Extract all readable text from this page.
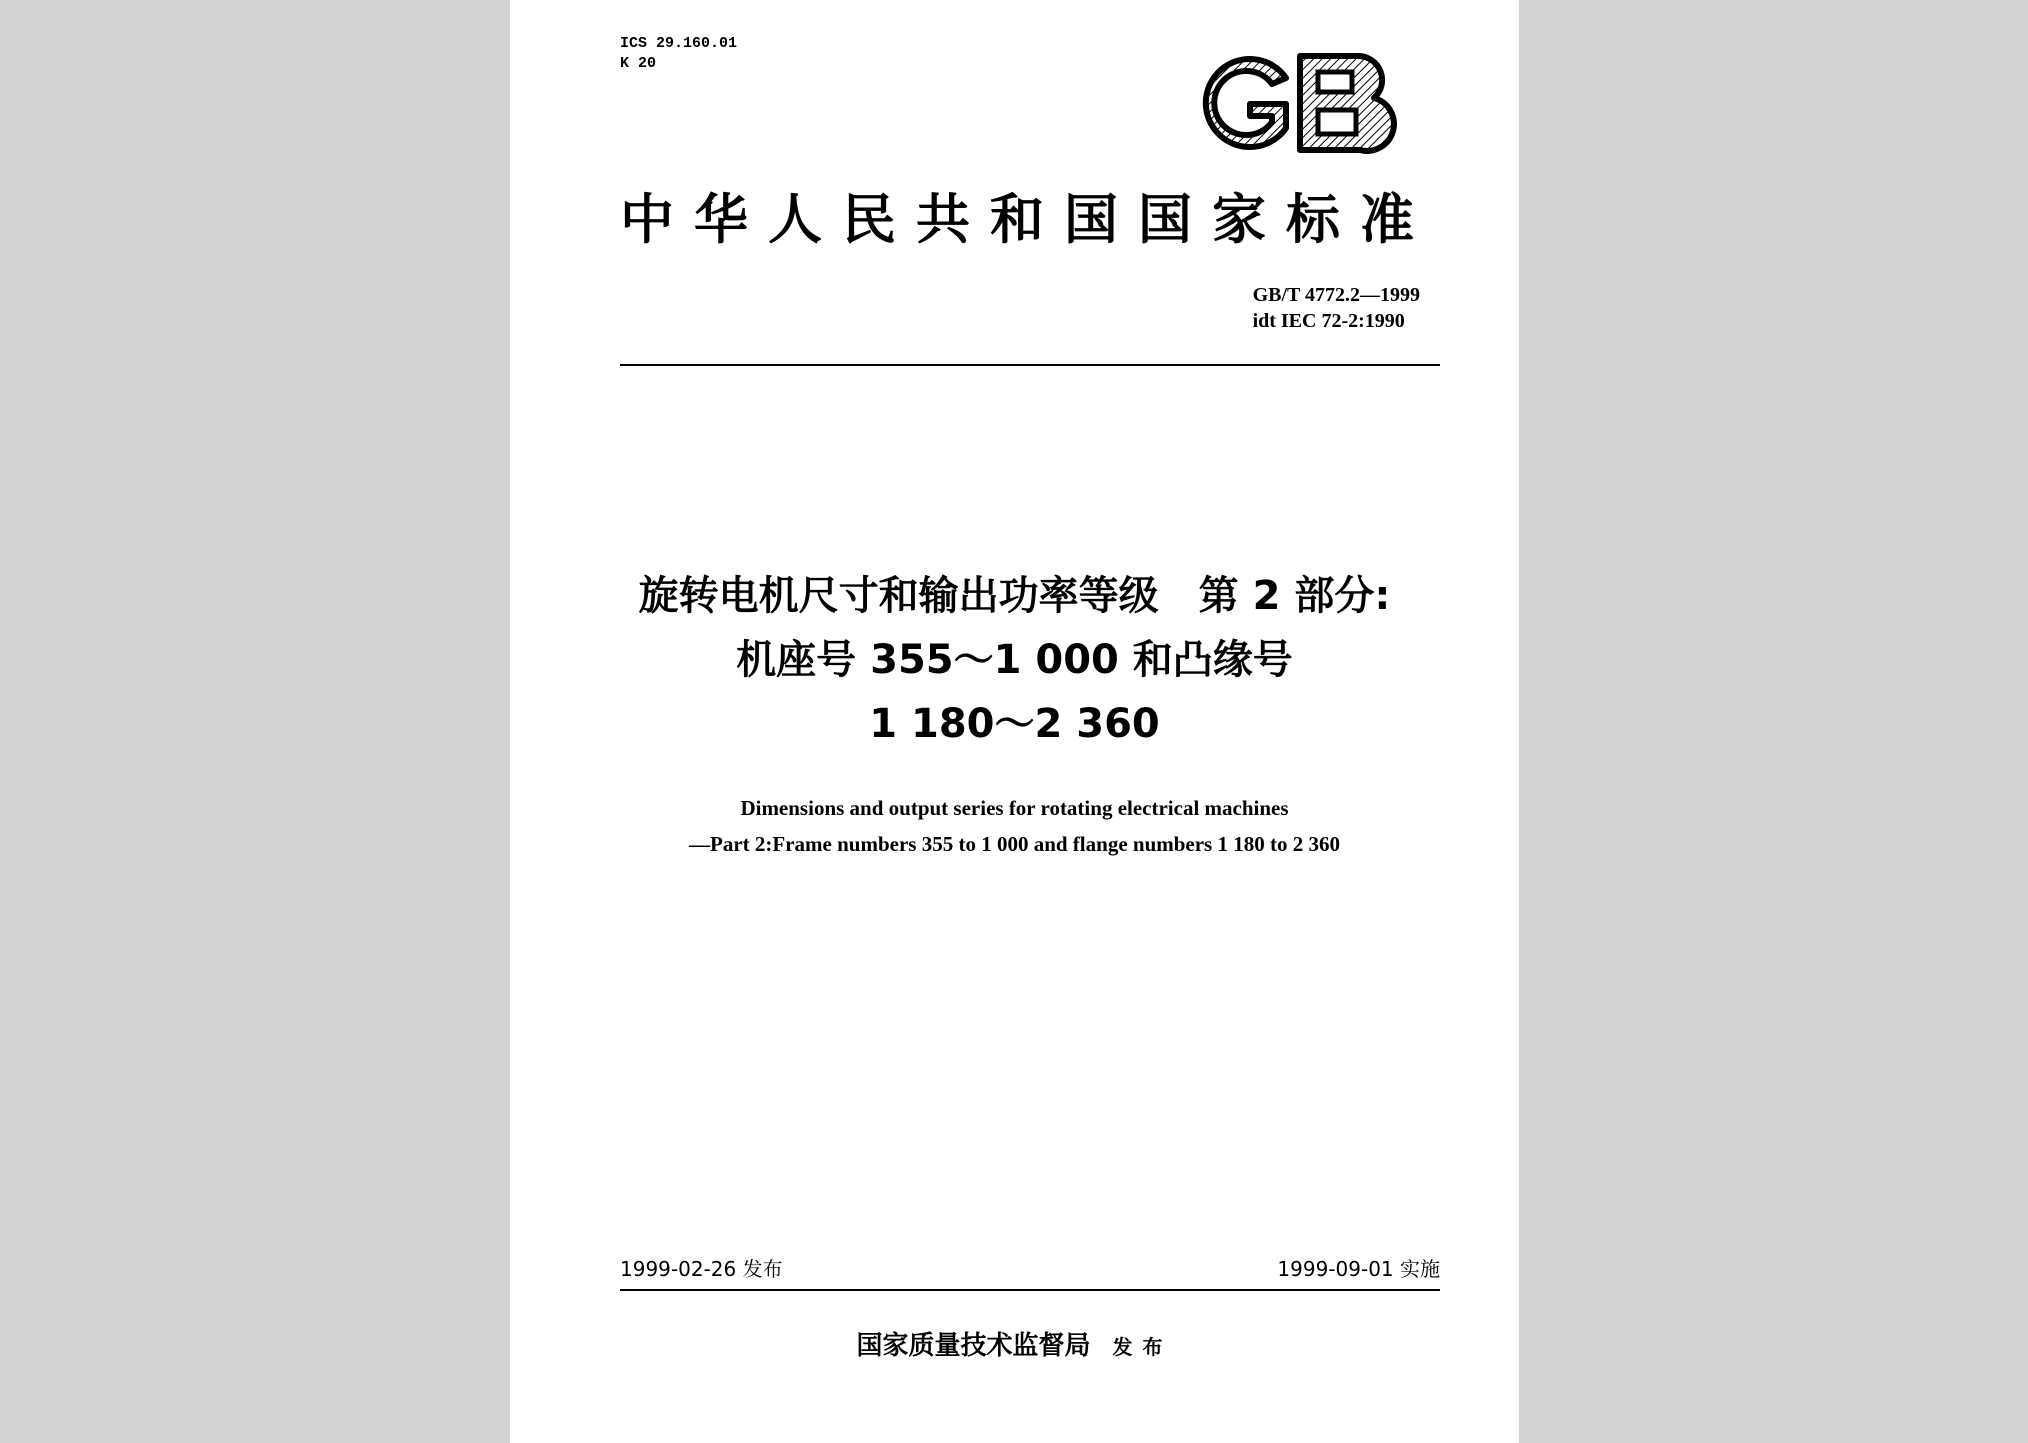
ICS 29.160.01
K 20
中华人民共和国国家标准
GB/T 4772.2—1999
idt IEC 72-2:1990
旋转电机尺寸和输出功率等级　第 2 部分:
机座号 355～1 000 和凸缘号
1 180～2 360
Dimensions and output series for rotating electrical machines
—Part 2:Frame numbers 355 to 1 000 and flange numbers 1 180 to 2 360
1999-02-26 发布	1999-09-01 实施
国家质量技术监督局 发布
